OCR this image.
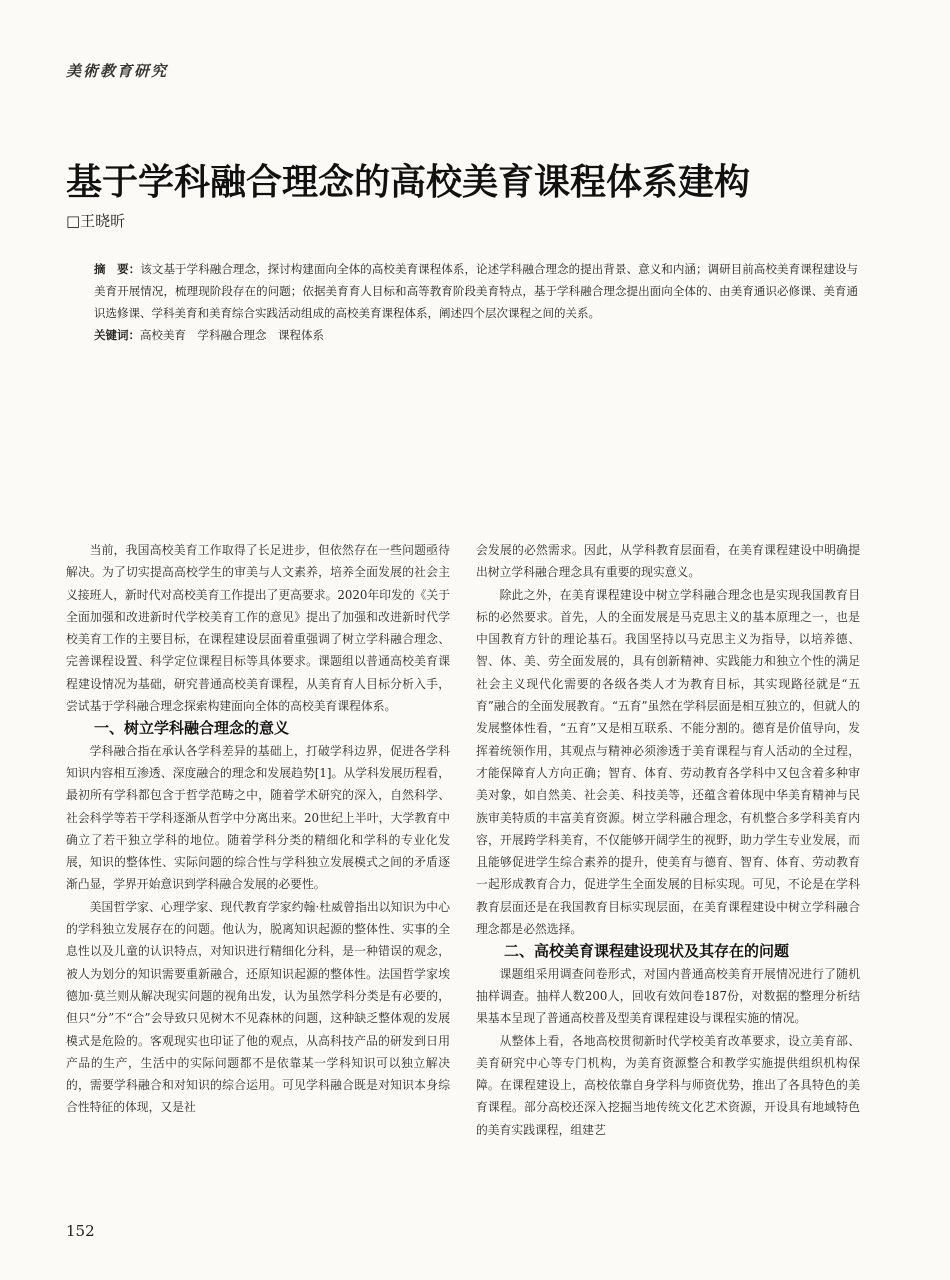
美術教育研究
基于学科融合理念的高校美育课程体系建构
□王晓昕
摘　要：该文基于学科融合理念，探讨构建面向全体的高校美育课程体系，论述学科融合理念的提出背景、意义和内涵；调研目前高校美育课程建设与美育开展情况，梳理现阶段存在的问题；依据美育育人目标和高等教育阶段美育特点，基于学科融合理念提出面向全体的、由美育通识必修课、美育通识选修课、学科美育和美育综合实践活动组成的高校美育课程体系，阐述四个层次课程之间的关系。
关键词：高校美育　学科融合理念　课程体系

当前，我国高校美育工作取得了长足进步，但依然存在一些问题亟待解决。为了切实提高高校学生的审美与人文素养，培养全面发展的社会主义接班人，新时代对高校美育工作提出了更高要求。2020年印发的《关于全面加强和改进新时代学校美育工作的意见》提出了加强和改进新时代学校美育工作的主要目标，在课程建设层面着重强调了树立学科融合理念、完善课程设置、科学定位课程目标等具体要求。课题组以普通高校美育课程建设情况为基础，研究普通高校美育课程，从美育育人目标分析入手，尝试基于学科融合理念探索构建面向全体的高校美育课程体系。

一、树立学科融合理念的意义

学科融合指在承认各学科差异的基础上，打破学科边界，促进各学科知识内容相互渗透、深度融合的理念和发展趋势[1]。从学科发展历程看，最初所有学科都包含于哲学范畴之中，随着学术研究的深入，自然科学、社会科学等若干学科逐渐从哲学中分离出来。20世纪上半叶，大学教育中确立了若干独立学科的地位。随着学科分类的精细化和学科的专业化发展，知识的整体性、实际问题的综合性与学科独立发展模式之间的矛盾逐渐凸显，学界开始意识到学科融合发展的必要性。

美国哲学家、心理学家、现代教育学家约翰·杜威曾指出以知识为中心的学科独立发展存在的问题。他认为，脱离知识起源的整体性、实事的全息性以及儿童的认识特点，对知识进行精细化分科，是一种错误的观念，被人为划分的知识需要重新融合，还原知识起源的整体性。法国哲学家埃德加·莫兰则从解决现实问题的视角出发，认为虽然学科分类是有必要的，但只“分”不“合”会导致只见树木不见森林的问题，这种缺乏整体观的发展模式是危险的。客观现实也印证了他的观点，从高科技产品的研发到日用产品的生产，生活中的实际问题都不是依靠某一学科知识可以独立解决的，需要学科融合和对知识的综合运用。可见学科融合既是对知识本身综合性特征的体现，又是社

会发展的必然需求。因此，从学科教育层面看，在美育课程建设中明确提出树立学科融合理念具有重要的现实意义。

除此之外，在美育课程建设中树立学科融合理念也是实现我国教育目标的必然要求。首先，人的全面发展是马克思主义的基本原理之一，也是中国教育方针的理论基石。我国坚持以马克思主义为指导，以培养德、智、体、美、劳全面发展的，具有创新精神、实践能力和独立个性的满足社会主义现代化需要的各级各类人才为教育目标，其实现路径就是“五育”融合的全面发展教育。“五育”虽然在学科层面是相互独立的，但就人的发展整体性看，“五育”又是相互联系、不能分割的。德育是价值导向，发挥着统领作用，其观点与精神必须渗透于美育课程与育人活动的全过程，才能保障育人方向正确；智育、体育、劳动教育各学科中又包含着多种审美对象，如自然美、社会美、科技美等，还蕴含着体现中华美育精神与民族审美特质的丰富美育资源。树立学科融合理念，有机整合多学科美育内容，开展跨学科美育，不仅能够开阔学生的视野，助力学生专业发展，而且能够促进学生综合素养的提升，使美育与德育、智育、体育、劳动教育一起形成教育合力，促进学生全面发展的目标实现。可见，不论是在学科教育层面还是在我国教育目标实现层面，在美育课程建设中树立学科融合理念都是必然选择。

二、高校美育课程建设现状及其存在的问题

课题组采用调查问卷形式，对国内普通高校美育开展情况进行了随机抽样调查。抽样人数200人，回收有效问卷187份，对数据的整理分析结果基本呈现了普通高校普及型美育课程建设与课程实施的情况。

从整体上看，各地高校贯彻新时代学校美育改革要求，设立美育部、美育研究中心等专门机构，为美育资源整合和教学实施提供组织机构保障。在课程建设上，高校依靠自身学科与师资优势，推出了各具特色的美育课程。部分高校还深入挖掘当地传统文化艺术资源，开设具有地域特色的美育实践课程，组建艺

152
